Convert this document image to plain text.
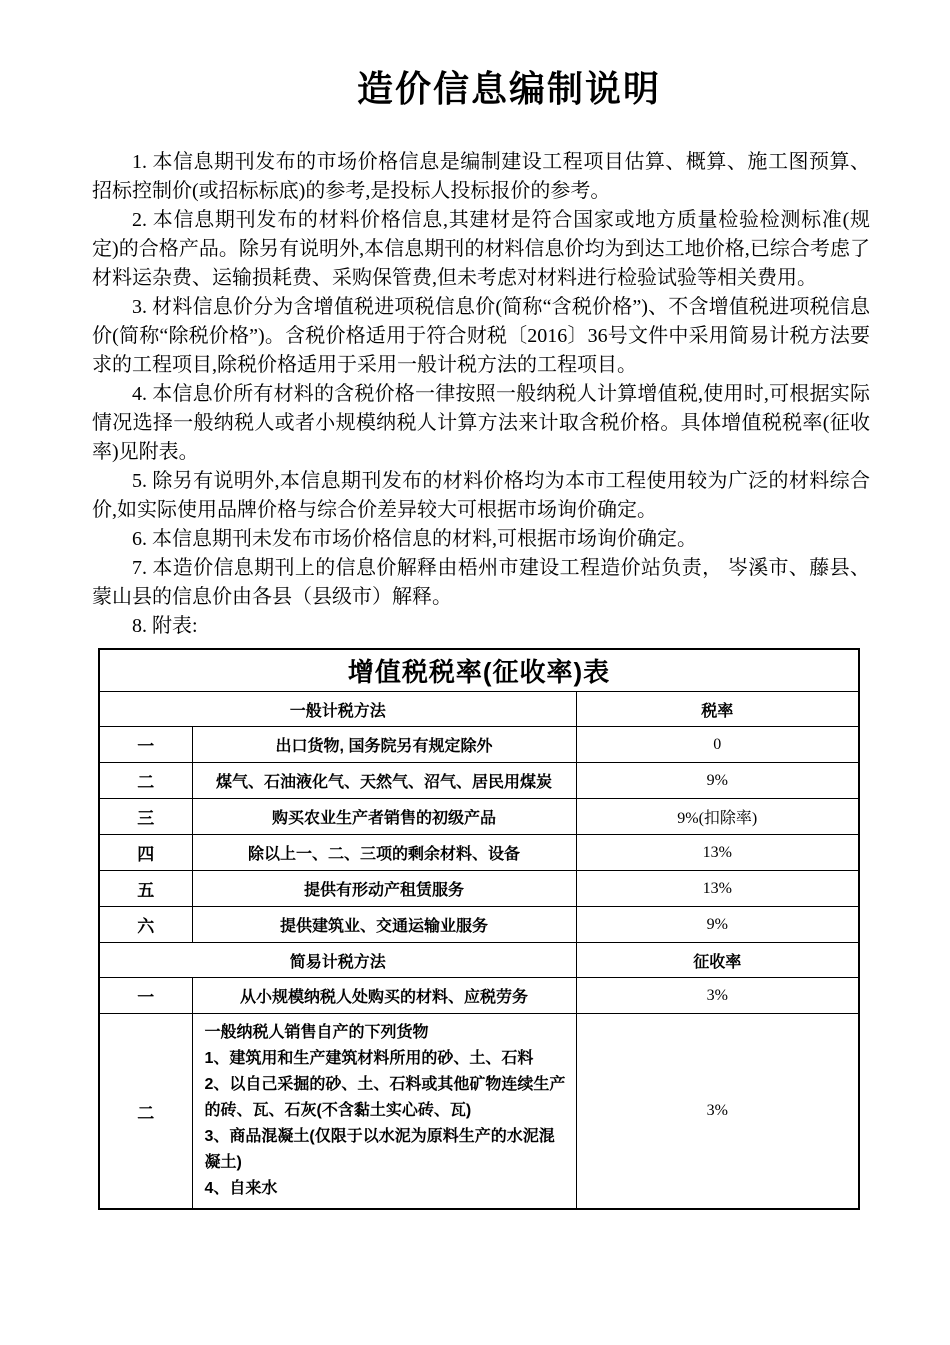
造价信息编制说明

1. 本信息期刊发布的市场价格信息是编制建设工程项目估算、概算、施工图预算、招标控制价(或招标标底)的参考,是投标人投标报价的参考。

2. 本信息期刊发布的材料价格信息,其建材是符合国家或地方质量检验检测标准(规定)的合格产品。除另有说明外,本信息期刊的材料信息价均为到达工地价格,已综合考虑了材料运杂费、运输损耗费、采购保管费,但未考虑对材料进行检验试验等相关费用。

3. 材料信息价分为含增值税进项税信息价(简称“含税价格”)、不含增值税进项税信息价(简称“除税价格”)。含税价格适用于符合财税〔2016〕36号文件中采用简易计税方法要求的工程项目,除税价格适用于采用一般计税方法的工程项目。

4. 本信息价所有材料的含税价格一律按照一般纳税人计算增值税,使用时,可根据实际情况选择一般纳税人或者小规模纳税人计算方法来计取含税价格。具体增值税税率(征收率)见附表。

5. 除另有说明外,本信息期刊发布的材料价格均为本市工程使用较为广泛的材料综合价,如实际使用品牌价格与综合价差异较大可根据市场询价确定。

6. 本信息期刊未发布市场价格信息的材料,可根据市场询价确定。

7. 本造价信息期刊上的信息价解释由梧州市建设工程造价站负责， 岑溪市、藤县、蒙山县的信息价由各县（县级市）解释。

8. 附表:

增值税税率(征收率)表		
一般计税方法		税率
一	出口货物, 国务院另有规定除外	0
二	煤气、石油液化气、天然气、沼气、居民用煤炭	9%
三	购买农业生产者销售的初级产品	9%(扣除率)
四	除以上一、二、三项的剩余材料、设备	13%
五	提供有形动产租赁服务	13%
六	提供建筑业、交通运输业服务	9%
简易计税方法		征收率
一	从小规模纳税人处购买的材料、应税劳务	3%
二	一般纳税人销售自产的下列货物
1、建筑用和生产建筑材料所用的砂、土、石料
2、以自己采掘的砂、土、石料或其他矿物连续生产的砖、瓦、石灰(不含黏土实心砖、瓦)
3、商品混凝土(仅限于以水泥为原料生产的水泥混凝土)
4、自来水	3%
